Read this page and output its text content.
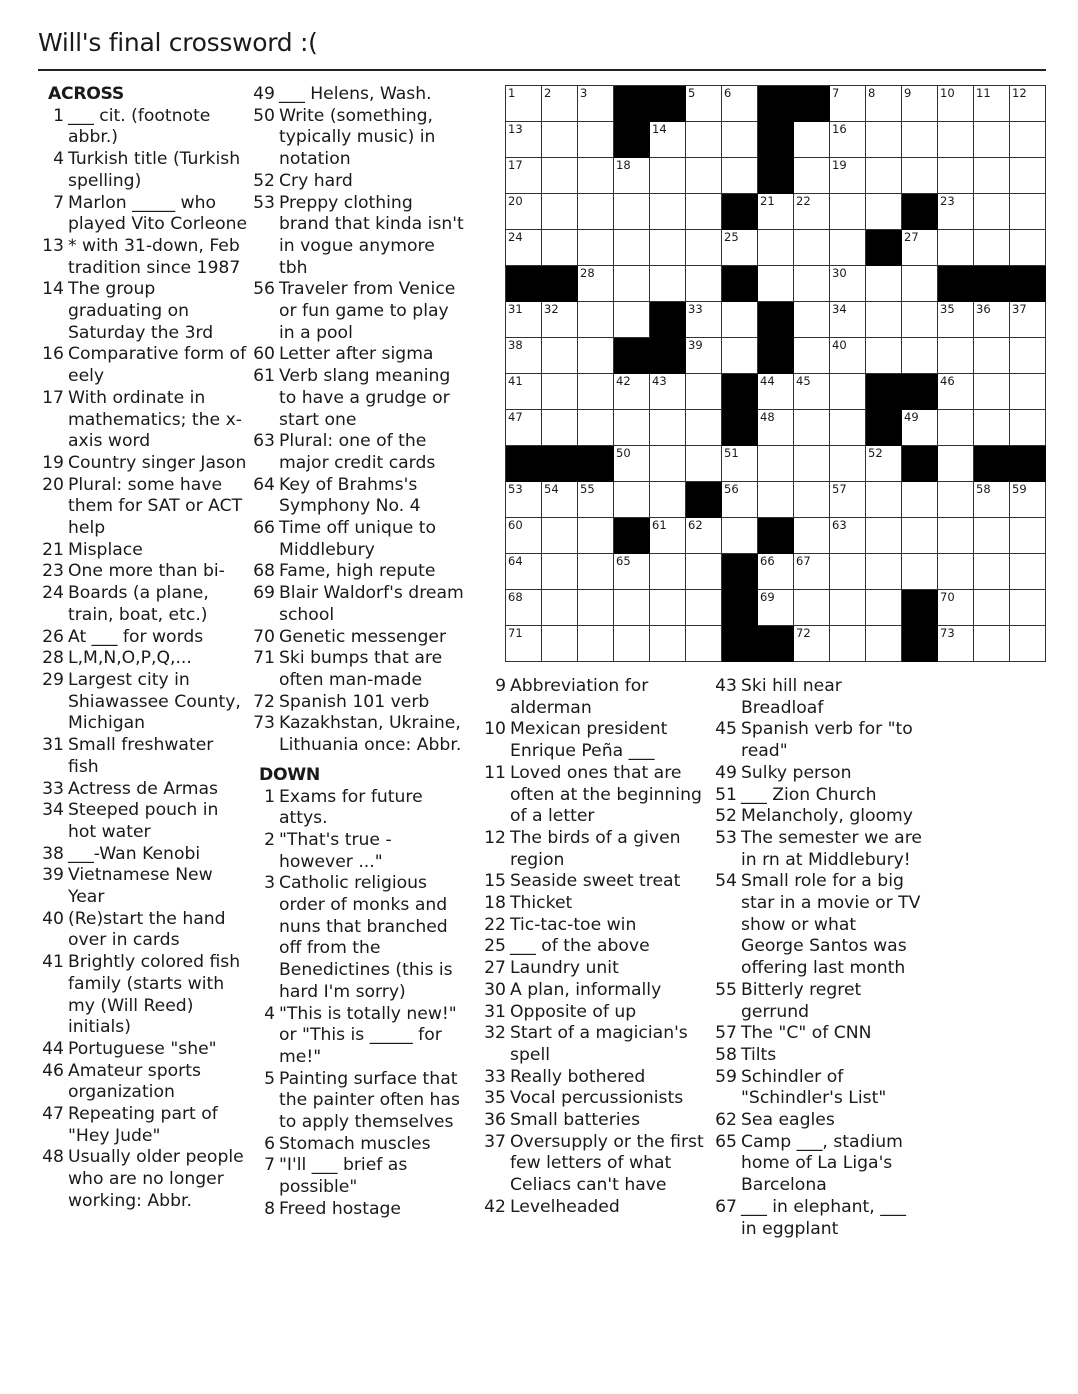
Will's final crossword :(
ACROSS
1 ___ cit. (footnote abbr.)
4 Turkish title (Turkish spelling)
7 Marlon _____ who played Vito Corleone
13 * with 31-down, Feb tradition since 1987
14 The group graduating on Saturday the 3rd
16 Comparative form of eely
17 With ordinate in mathematics; the x-axis word
19 Country singer Jason
20 Plural: some have them for SAT or ACT help
21 Misplace
23 One more than bi-
24 Boards (a plane, train, boat, etc.)
26 At ___ for words
28 L,M,N,O,P,Q,...
29 Largest city in Shiawassee County, Michigan
31 Small freshwater fish
33 Actress de Armas
34 Steeped pouch in hot water
38 ___-Wan Kenobi
39 Vietnamese New Year
40 (Re)start the hand over in cards
41 Brightly colored fish family (starts with my (Will Reed) initials)
44 Portuguese "she"
46 Amateur sports organization
47 Repeating part of "Hey Jude"
48 Usually older people who are no longer working: Abbr.
49 ___ Helens, Wash.
50 Write (something, typically music) in notation
52 Cry hard
53 Preppy clothing brand that kinda isn't in vogue anymore tbh
56 Traveler from Venice or fun game to play in a pool
60 Letter after sigma
61 Verb slang meaning to have a grudge or start one
63 Plural: one of the major credit cards
64 Key of Brahms's Symphony No. 4
66 Time off unique to Middlebury
68 Fame, high repute
69 Blair Waldorf's dream school
70 Genetic messenger
71 Ski bumps that are often man-made
72 Spanish 101 verb
73 Kazakhstan, Ukraine, Lithuania once: Abbr.
DOWN
1 Exams for future attys.
2 "That's true - however ..."
3 Catholic religious order of monks and nuns that branched off from the Benedictines (this is hard I'm sorry)
4 "This is totally new!" or "This is _____ for me!"
5 Painting surface that the painter often has to apply themselves
6 Stomach muscles
7 "I'll ___ brief as possible"
8 Freed hostage
9 Abbreviation for alderman
10 Mexican president Enrique Peña ___
11 Loved ones that are often at the beginning of a letter
12 The birds of a given region
15 Seaside sweet treat
18 Thicket
22 Tic-tac-toe win
25 ___ of the above
27 Laundry unit
30 A plan, informally
31 Opposite of up
32 Start of a magician's spell
33 Really bothered
35 Vocal percussionists
36 Small batteries
37 Oversupply or the first few letters of what Celiacs can't have
42 Levelheaded
43 Ski hill near Breadloaf
45 Spanish verb for "to read"
49 Sulky person
51 ___ Zion Church
52 Melancholy, gloomy
53 The semester we are in rn at Middlebury!
54 Small role for a big star in a movie or TV show or what George Santos was offering last month
55 Bitterly regret gerrund
57 The "C" of CNN
58 Tilts
59 Schindler of "Schindler's List"
62 Sea eagles
65 Camp ___, stadium home of La Liga's Barcelona
67 ___ in elephant, ___ in eggplant
1 2 3	5 6	7 8 9 10 11 12
13	14	16
17	18	19
20	21 22	23
24	25	27
28	30
31 32	33	34	35 36 37
38	39	40
41	42 43	44 45	46
47	48	49
50	51	52
53 54 55	56	57	58 59
60	61 62	63
64	65	66 67
68	69	70
71	72	73
